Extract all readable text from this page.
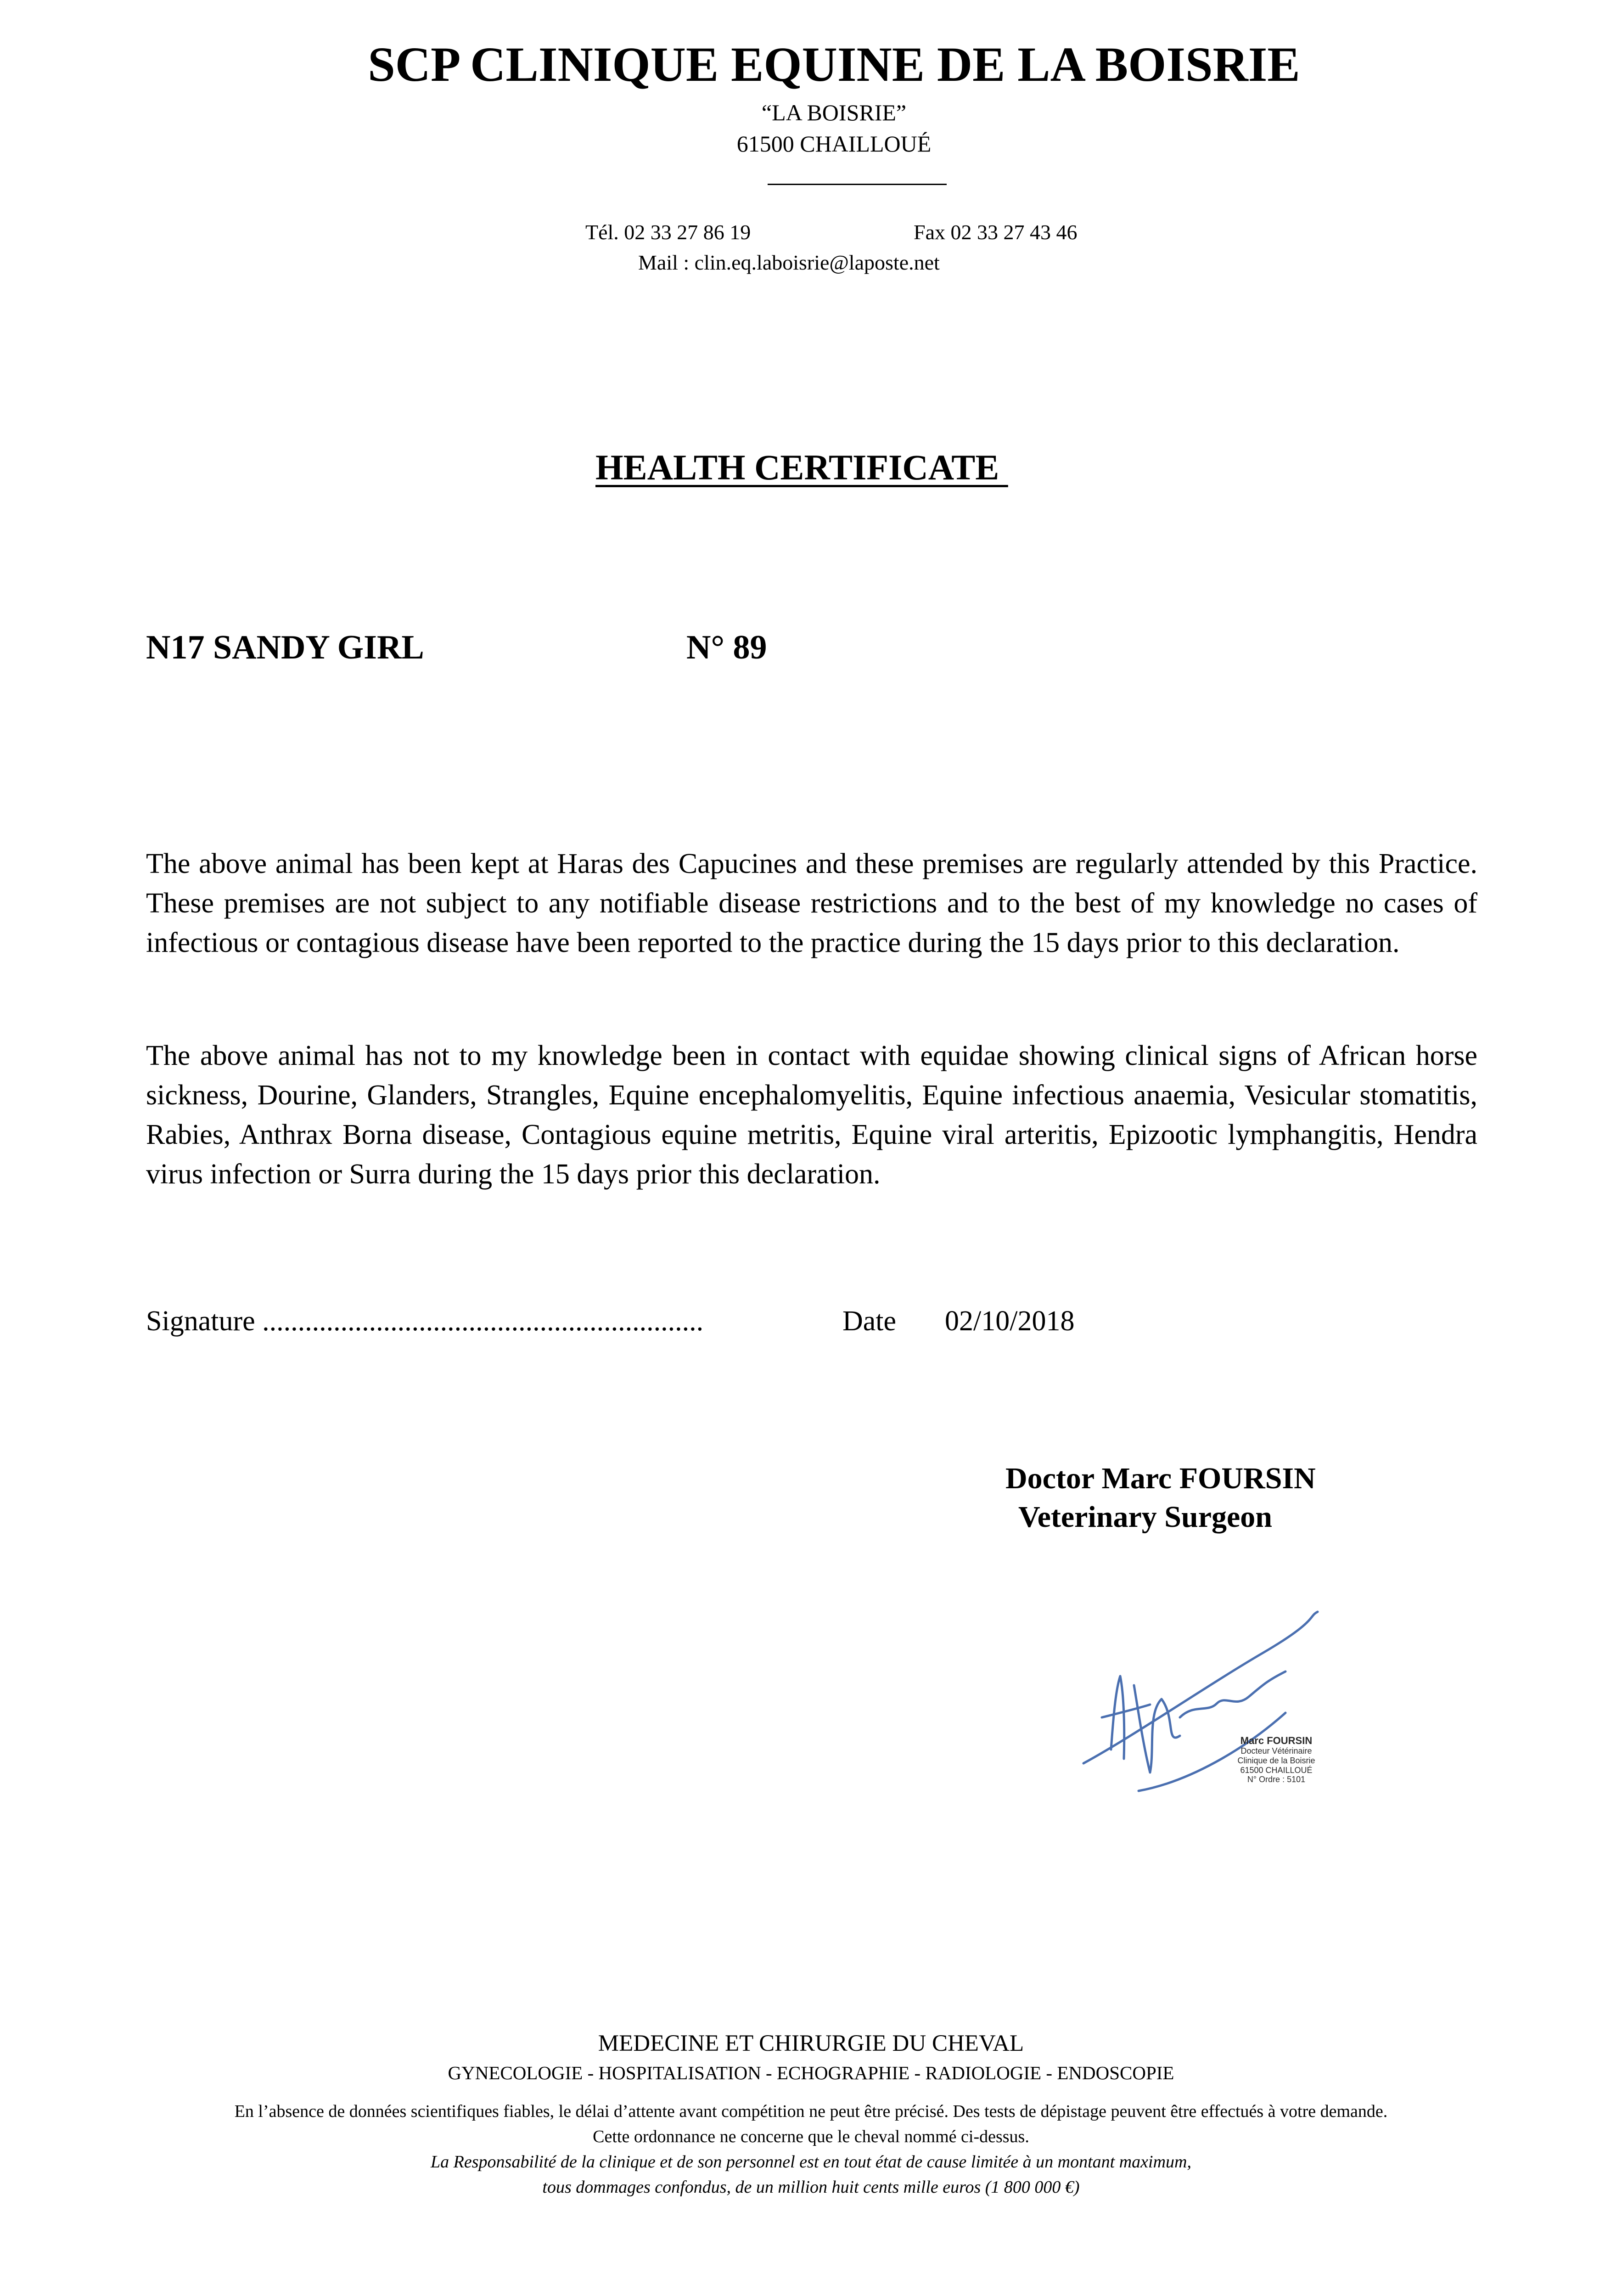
SCP CLINIQUE EQUINE DE LA BOISRIE
“LA BOISRIE”
61500 CHAILLOUÉ
Tél. 02 33 27 86 19	Fax 02 33 27 43 46
Mail : clin.eq.laboisrie@laposte.net
HEALTH CERTIFICATE
N17 SANDY GIRL	N° 89
The above animal has been kept at Haras des Capucines and these premises are regularly attended by this Practice. These premises are not subject to any notifiable disease restrictions and to the best of my knowledge no cases of infectious or contagious disease have been reported to the practice during the 15 days prior to this declaration.
The above animal has not to my knowledge been in contact with equidae showing clinical signs of African horse sickness, Dourine, Glanders, Strangles, Equine encephalomyelitis, Equine infectious anaemia, Vesicular stomatitis, Rabies, Anthrax Borna disease, Contagious equine metritis, Equine viral arteritis, Epizootic lymphangitis, Hendra virus infection or Surra during the 15 days prior this declaration.
Signature ..............................................................	Date 02/10/2018
Doctor Marc FOURSIN
Veterinary Surgeon
Marc FOURSIN
Docteur Vétérinaire
Clinique de la Boisrie
61500 CHAILLOUÉ
N° Ordre : 5101
MEDECINE ET CHIRURGIE DU CHEVAL
GYNECOLOGIE - HOSPITALISATION - ECHOGRAPHIE - RADIOLOGIE - ENDOSCOPIE
En l’absence de données scientifiques fiables, le délai d’attente avant compétition ne peut être précisé. Des tests de dépistage peuvent être effectués à votre demande.
Cette ordonnance ne concerne que le cheval nommé ci-dessus.
La Responsabilité de la clinique et de son personnel est en tout état de cause limitée à un montant maximum,
tous dommages confondus, de un million huit cents mille euros (1 800 000 €)
